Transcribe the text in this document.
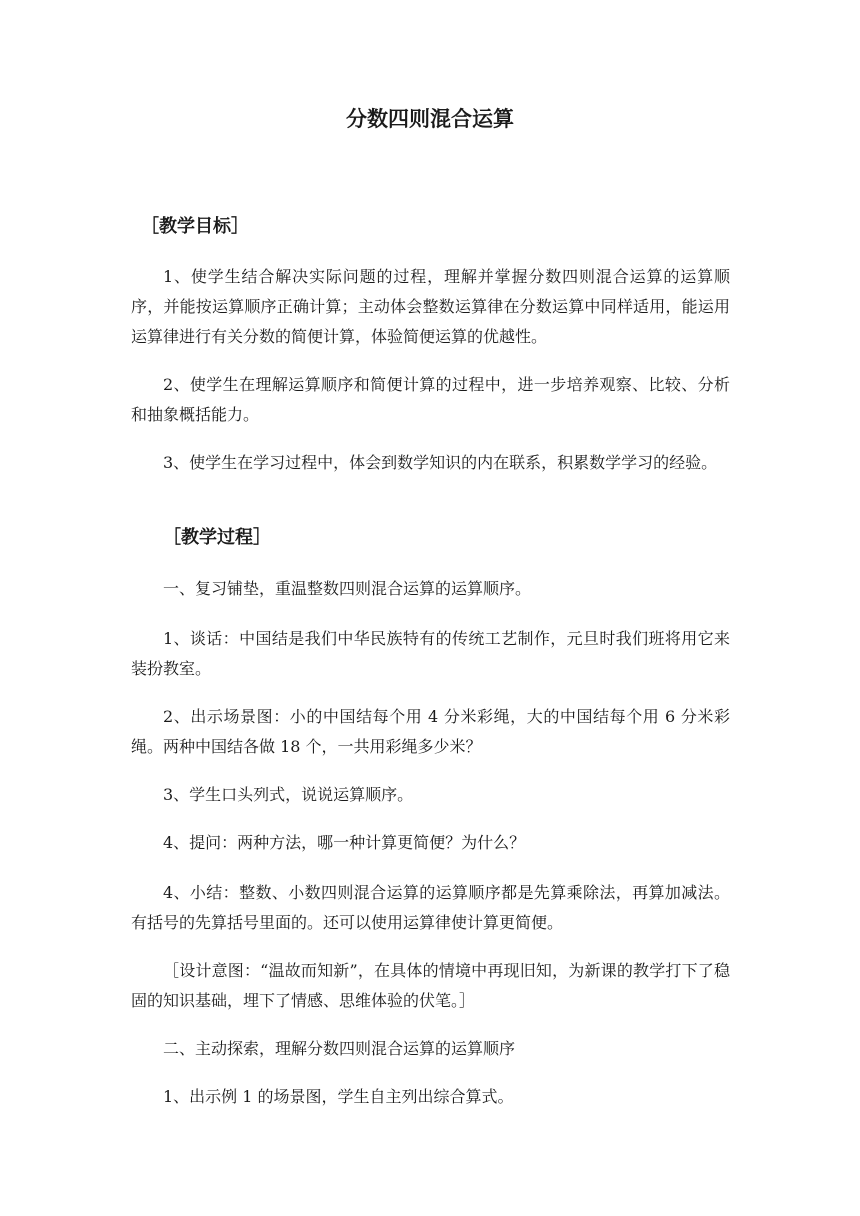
分数四则混合运算
［教学目标］
1、使学生结合解决实际问题的过程，理解并掌握分数四则混合运算的运算顺序，并能按运算顺序正确计算；主动体会整数运算律在分数运算中同样适用，能运用运算律进行有关分数的简便计算，体验简便运算的优越性。
2、使学生在理解运算顺序和简便计算的过程中，进一步培养观察、比较、分析和抽象概括能力。
3、使学生在学习过程中，体会到数学知识的内在联系，积累数学学习的经验。
［教学过程］
一、复习铺垫，重温整数四则混合运算的运算顺序。
1、谈话：中国结是我们中华民族特有的传统工艺制作，元旦时我们班将用它来装扮教室。
2、出示场景图：小的中国结每个用 4 分米彩绳，大的中国结每个用 6 分米彩绳。两种中国结各做 18 个，一共用彩绳多少米？
3、学生口头列式，说说运算顺序。
4、提问：两种方法，哪一种计算更简便？为什么？
4、小结：整数、小数四则混合运算的运算顺序都是先算乘除法，再算加减法。有括号的先算括号里面的。还可以使用运算律使计算更简便。
［设计意图：“温故而知新”，在具体的情境中再现旧知，为新课的教学打下了稳固的知识基础，埋下了情感、思维体验的伏笔。］
二、主动探索，理解分数四则混合运算的运算顺序
1、出示例 1 的场景图，学生自主列出综合算式。
